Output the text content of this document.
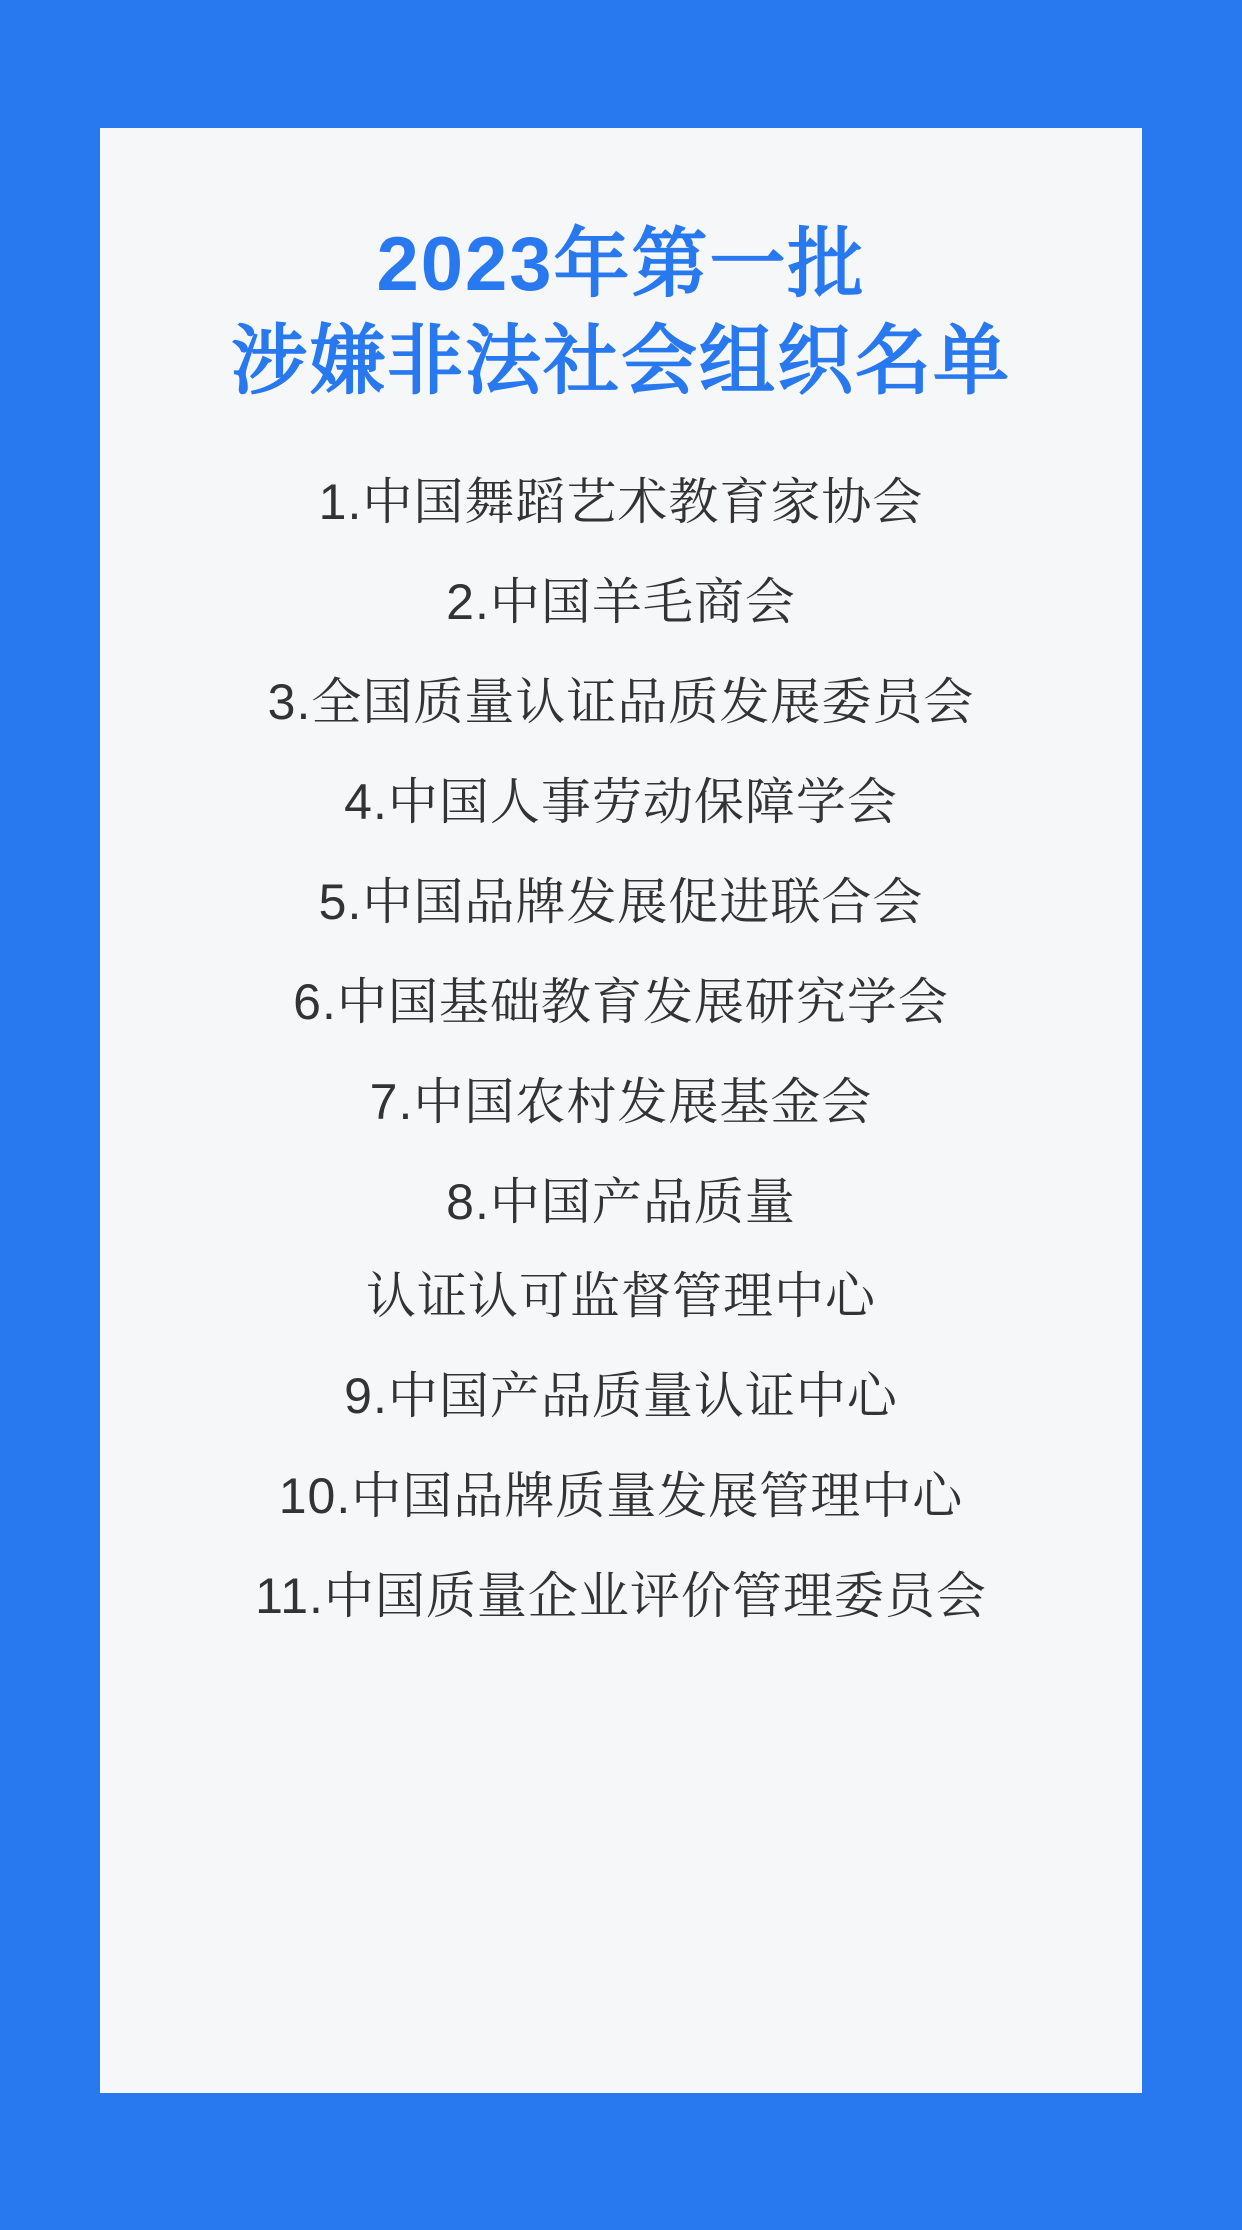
2023年第一批
涉嫌非法社会组织名单
1.中国舞蹈艺术教育家协会
2.中国羊毛商会
3.全国质量认证品质发展委员会
4.中国人事劳动保障学会
5.中国品牌发展促进联合会
6.中国基础教育发展研究学会
7.中国农村发展基金会
8.中国产品质量
认证认可监督管理中心
9.中国产品质量认证中心
10.中国品牌质量发展管理中心
11.中国质量企业评价管理委员会
